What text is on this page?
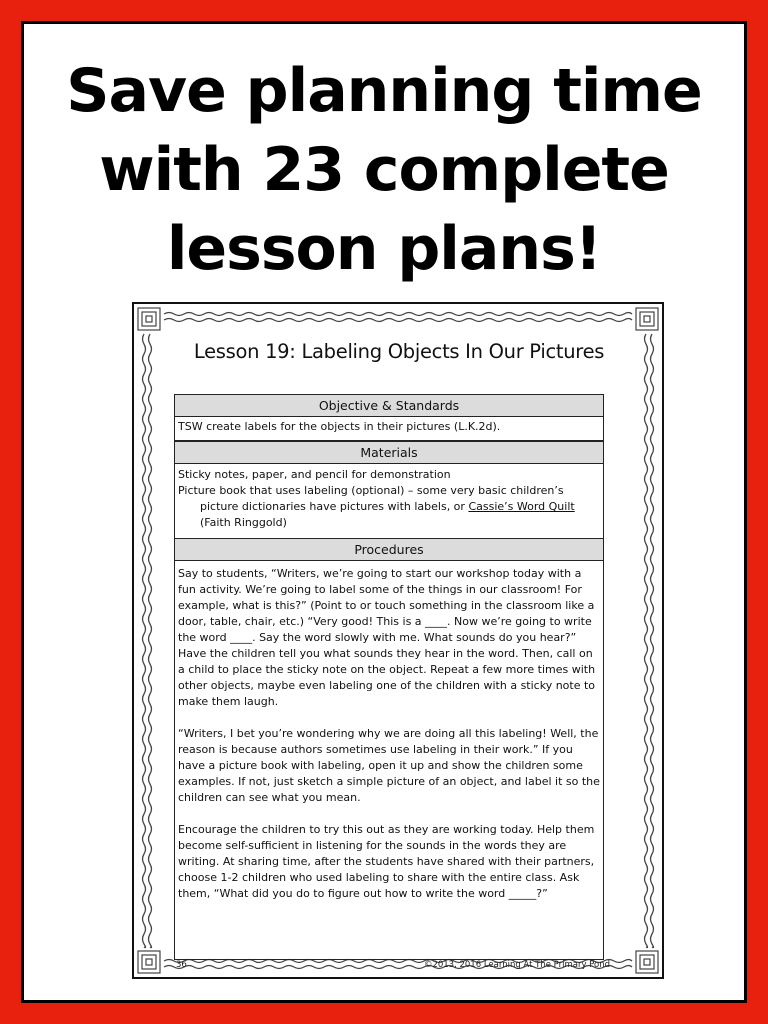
Save planning time
with 23 complete
lesson plans!
Lesson 19: Labeling Objects In Our Pictures
Objective & Standards

TSW create labels for the objects in their pictures (L.K.2d).

Materials

Sticky notes, paper, and pencil for demonstration

Picture book that uses labeling (optional) – some very basic children’s picture dictionaries have pictures with labels, or Cassie’s Word Quilt (Faith Ringgold)

Procedures

Say to students, “Writers, we’re going to start our workshop today with a fun activity. We’re going to label some of the things in our classroom! For example, what is this?” (Point to or touch something in the classroom like a door, table, chair, etc.) “Very good! This is a ____. Now we’re going to write the word ____. Say the word slowly with me. What sounds do you hear?” Have the children tell you what sounds they hear in the word. Then, call on a child to place the sticky note on the object. Repeat a few more times with other objects, maybe even labeling one of the children with a sticky note to make them laugh.

“Writers, I bet you’re wondering why we are doing all this labeling! Well, the reason is because authors sometimes use labeling in their work.” If you have a picture book with labeling, open it up and show the children some examples. If not, just sketch a simple picture of an object, and label it so the children can see what you mean.

Encourage the children to try this out as they are working today. Help them become self-sufficient in listening for the sounds in the words they are writing. At sharing time, after the students have shared with their partners, choose 1-2 children who used labeling to share with the entire class. Ask them, “What did you do to figure out how to write the word _____?”

36	©2013, 2016 Learning At The Primary Pond
